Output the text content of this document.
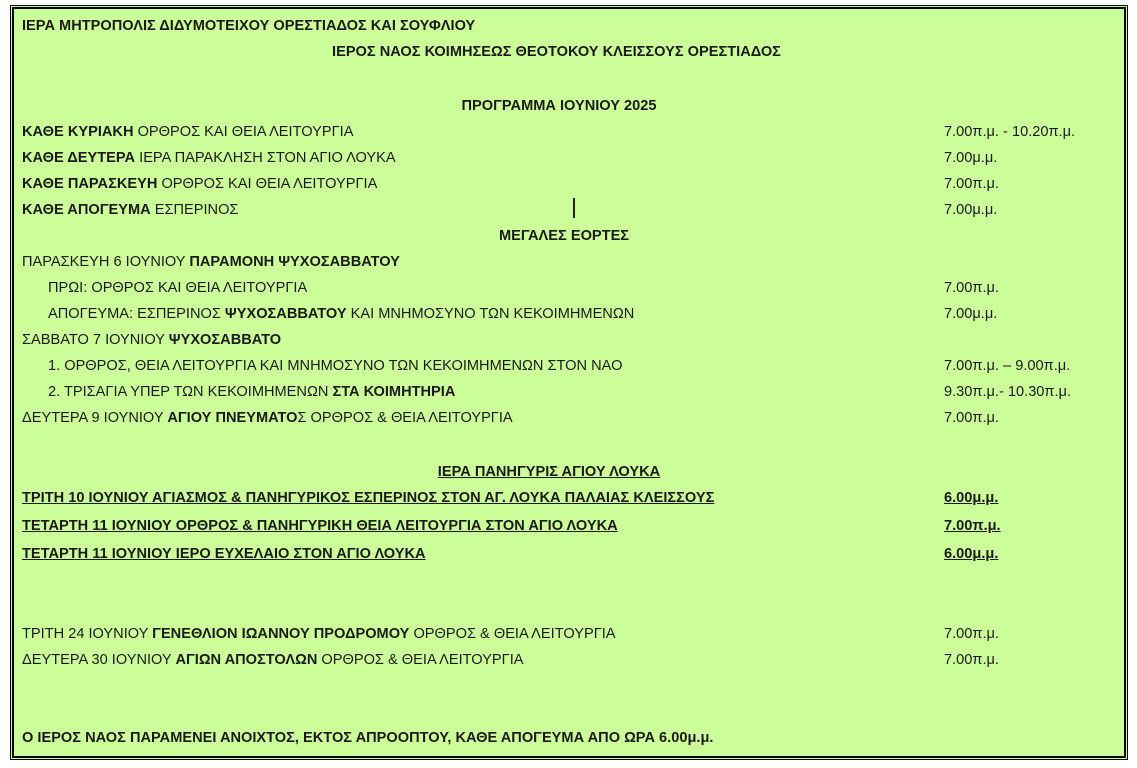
ΙΕΡΑ ΜΗΤΡΟΠΟΛΙΣ ΔΙΔΥΜΟΤΕΙΧΟΥ ΟΡΕΣΤΙΑΔΟΣ ΚΑΙ ΣΟΥΦΛΙΟΥ
ΙΕΡΟΣ ΝΑΟΣ ΚΟΙΜΗΣΕΩΣ ΘΕΟΤΟΚΟΥ ΚΛΕΙΣΣΟΥΣ ΟΡΕΣΤΙΑΔΟΣ
ΠΡΟΓΡΑΜΜΑ ΙΟΥΝΙΟΥ 2025
ΚΑΘΕ ΚΥΡΙΑΚΗ ΟΡΘΡΟΣ ΚΑΙ ΘΕΙΑ ΛΕΙΤΟΥΡΓΙΑ	7.00π.μ. - 10.20π.μ.
ΚΑΘΕ ΔΕΥΤΕΡΑ ΙΕΡΑ ΠΑΡΑΚΛΗΣΗ ΣΤΟΝ ΑΓΙΟ ΛΟΥΚΑ	7.00μ.μ.
ΚΑΘΕ ΠΑΡΑΣΚΕΥΗ ΟΡΘΡΟΣ ΚΑΙ ΘΕΙΑ ΛΕΙΤΟΥΡΓΙΑ	7.00π.μ.
ΚΑΘΕ ΑΠΟΓΕΥΜΑ ΕΣΠΕΡΙΝΟΣ	7.00μ.μ.
ΜΕΓΑΛΕΣ ΕΟΡΤΕΣ
ΠΑΡΑΣΚΕΥΗ 6 ΙΟΥΝΙΟΥ ΠΑΡΑΜΟΝΗ ΨΥΧΟΣΑΒΒΑΤΟΥ
ΠΡΩΙ: ΟΡΘΡΟΣ ΚΑΙ ΘΕΙΑ ΛΕΙΤΟΥΡΓΙΑ	7.00π.μ.
ΑΠΟΓΕΥΜΑ: ΕΣΠΕΡΙΝΟΣ ΨΥΧΟΣΑΒΒΑΤΟΥ ΚΑΙ ΜΝΗΜΟΣΥΝΟ ΤΩΝ ΚΕΚΟΙΜΗΜΕΝΩΝ	7.00μ.μ.
ΣΑΒΒΑΤΟ 7 ΙΟΥΝΙΟΥ ΨΥΧΟΣΑΒΒΑΤΟ
1. ΟΡΘΡΟΣ, ΘΕΙΑ ΛΕΙΤΟΥΡΓΙΑ ΚΑΙ ΜΝΗΜΟΣΥΝΟ ΤΩΝ ΚΕΚΟΙΜΗΜΕΝΩΝ ΣΤΟΝ ΝΑΟ	7.00π.μ. – 9.00π.μ.
2. ΤΡΙΣΑΓΙΑ ΥΠΕΡ ΤΩΝ ΚΕΚΟΙΜΗΜΕΝΩΝ ΣΤΑ ΚΟΙΜΗΤΗΡΙΑ	9.30π.μ.- 10.30π.μ.
ΔΕΥΤΕΡΑ 9 ΙΟΥΝΙΟΥ ΑΓΙΟΥ ΠΝΕΥΜΑΤΟΣ ΟΡΘΡΟΣ & ΘΕΙΑ ΛΕΙΤΟΥΡΓΙΑ	7.00π.μ.
ΙΕΡΑ ΠΑΝΗΓΥΡΙΣ ΑΓΙΟΥ ΛΟΥΚΑ
ΤΡΙΤΗ 10 ΙΟΥΝΙΟΥ ΑΓΙΑΣΜΟΣ & ΠΑΝΗΓΥΡΙΚΟΣ ΕΣΠΕΡΙΝΟΣ ΣΤΟΝ ΑΓ. ΛΟΥΚΑ ΠΑΛΑΙΑΣ ΚΛΕΙΣΣΟΥΣ	6.00μ.μ.
ΤΕΤΑΡΤΗ 11 ΙΟΥΝΙΟΥ ΟΡΘΡΟΣ & ΠΑΝΗΓΥΡΙΚΗ ΘΕΙΑ ΛΕΙΤΟΥΡΓΙΑ ΣΤΟΝ ΑΓΙΟ ΛΟΥΚΑ	7.00π.μ.
ΤΕΤΑΡΤΗ 11 ΙΟΥΝΙΟΥ ΙΕΡΟ ΕΥΧΕΛΑΙΟ ΣΤΟΝ ΑΓΙΟ ΛΟΥΚΑ	6.00μ.μ.
ΤΡΙΤΗ 24 ΙΟΥΝΙΟΥ ΓΕΝΕΘΛΙΟΝ ΙΩΑΝΝΟΥ ΠΡΟΔΡΟΜΟΥ ΟΡΘΡΟΣ & ΘΕΙΑ ΛΕΙΤΟΥΡΓΙΑ	7.00π.μ.
ΔΕΥΤΕΡΑ 30 ΙΟΥΝΙΟΥ ΑΓΙΩΝ ΑΠΟΣΤΟΛΩΝ ΟΡΘΡΟΣ & ΘΕΙΑ ΛΕΙΤΟΥΡΓΙΑ	7.00π.μ.
Ο ΙΕΡΟΣ ΝΑΟΣ ΠΑΡΑΜΕΝΕΙ ΑΝΟΙΧΤΟΣ, ΕΚΤΟΣ ΑΠΡΟΟΠΤΟΥ, ΚΑΘΕ ΑΠΟΓΕΥΜΑ ΑΠΟ ΩΡΑ 6.00μ.μ.
